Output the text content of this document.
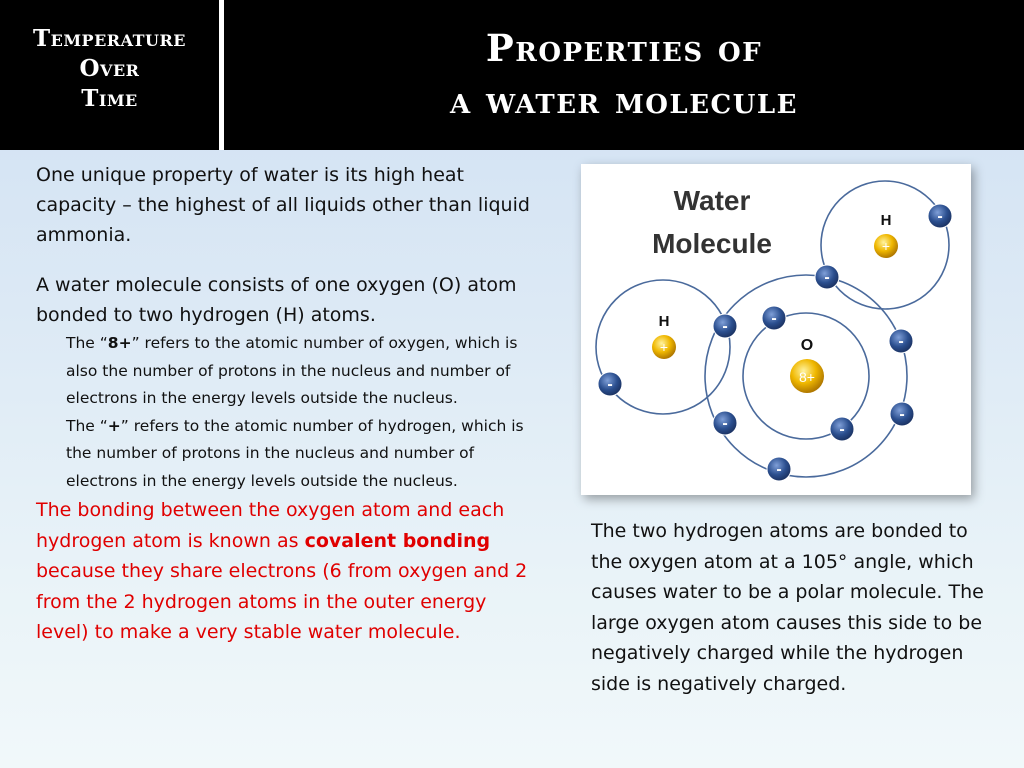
Temperature
Over
Time
Properties of
a water molecule

One unique property of water is its high heat capacity – the highest of all liquids other than liquid ammonia.

A water molecule consists of one oxygen (O) atom bonded to two hydrogen (H) atoms.

The “8+” refers to the atomic number of oxygen, which is also the number of protons in the nucleus and number of electrons in the energy levels outside the nucleus.

The “+” refers to the atomic number of hydrogen, which is the number of protons in the nucleus and number of electrons in the energy levels outside the nucleus.

The bonding between the oxygen atom and each hydrogen atom is known as covalent bonding because they share electrons (6 from oxygen and 2 from the 2 hydrogen atoms in the outer energy level) to make a very stable water molecule.

Water
Molecule
H
+
H
+
O
8+
-
-
-
-
-
-
-
-	-
-

The two hydrogen atoms are bonded to the oxygen atom at a 105° angle, which causes water to be a polar molecule. The large oxygen atom causes this side to be negatively charged while the hydrogen side is negatively charged.
